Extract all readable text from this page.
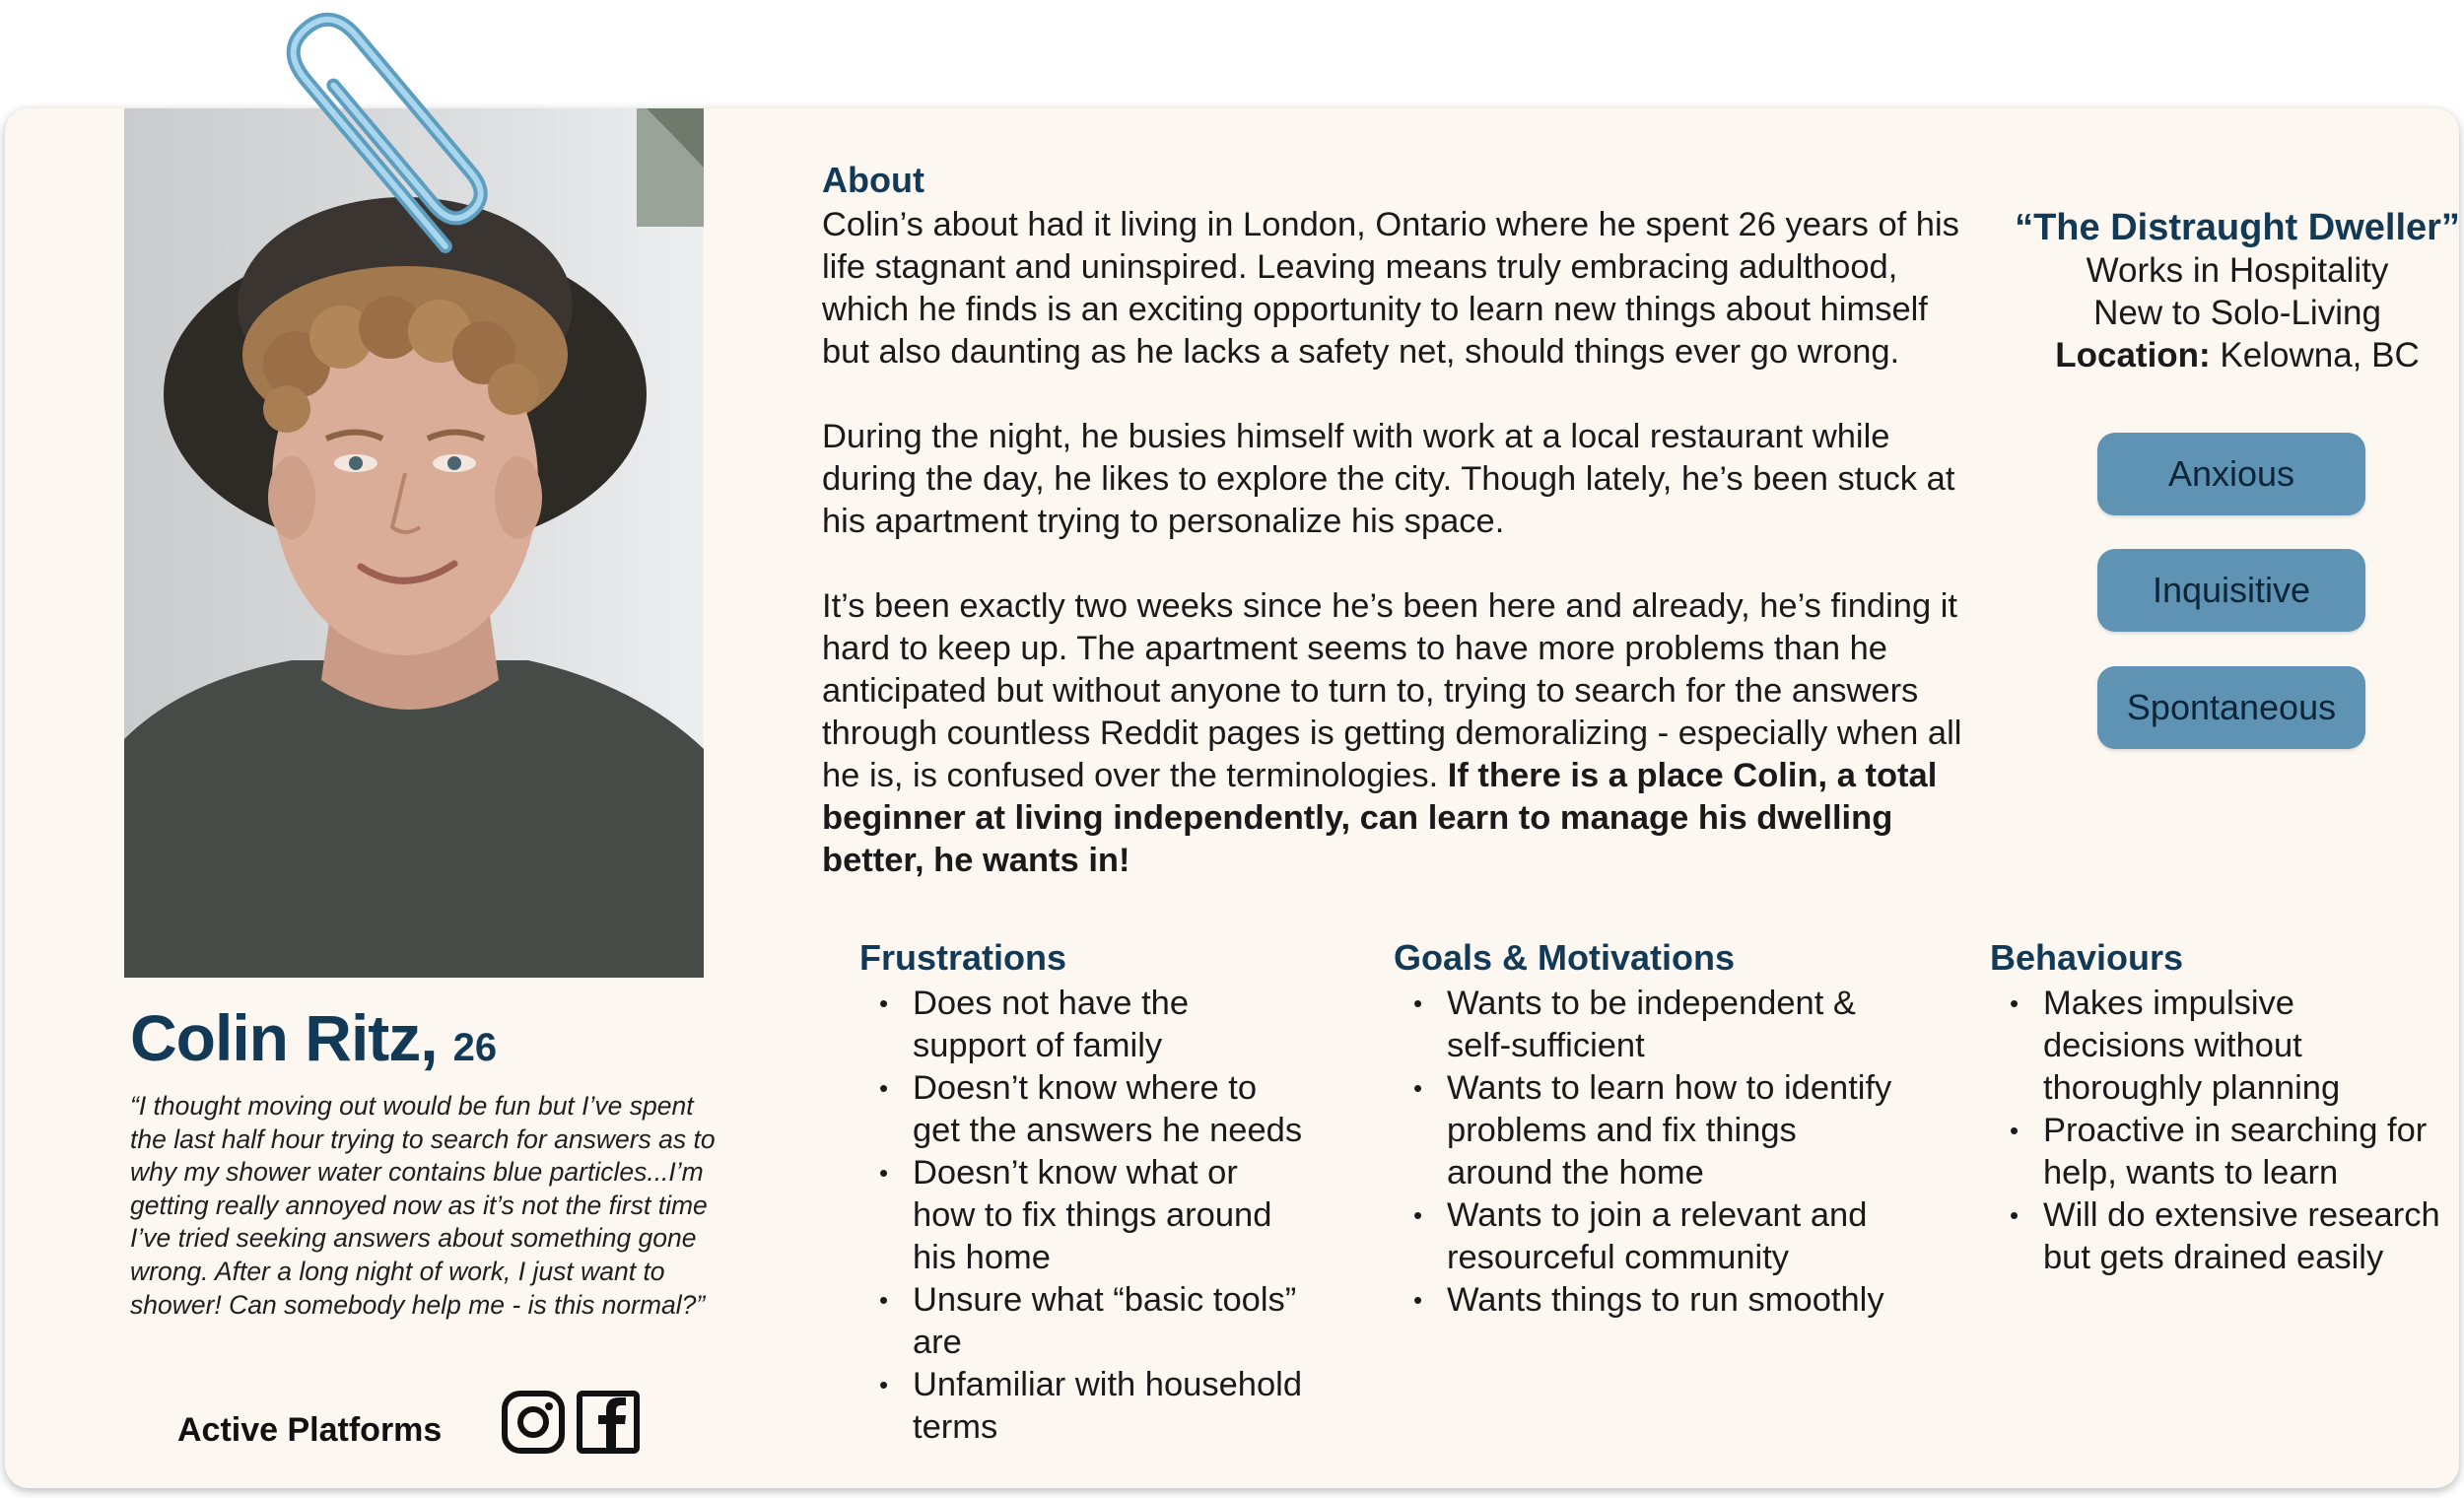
Colin Ritz, 26

“I thought moving out would be fun but I’ve spent the last half hour trying to search for answers as to why my shower water contains blue particles...I’m getting really annoyed now as it’s not the first time I’ve tried seeking answers about something gone wrong. After a long night of work, I just want to shower! Can somebody help me - is this normal?”

Active Platforms
About

Colin’s about had it living in London, Ontario where he spent 26 years of his life stagnant and uninspired. Leaving means truly embracing adulthood, which he finds is an exciting opportunity to learn new things about himself but also daunting as he lacks a safety net, should things ever go wrong.

During the night, he busies himself with work at a local restaurant while during the day, he likes to explore the city. Though lately, he’s been stuck at his apartment trying to personalize his space.

It’s been exactly two weeks since he’s been here and already, he’s finding it hard to keep up. The apartment seems to have more problems than he anticipated but without anyone to turn to, trying to search for the answers through countless Reddit pages is getting demoralizing - especially when all he is, is confused over the terminologies. If there is a place Colin, a total beginner at living independently, can learn to manage his dwelling better, he wants in!

“The Distraught Dweller”
Works in Hospitality
New to Solo-Living
Location: Kelowna, BC
Anxious
Inquisitive
Spontaneous
Frustrations
• Does not have the support of family
• Doesn’t know where to get the answers he needs
• Doesn’t know what or how to fix things around his home
• Unsure what “basic tools” are
• Unfamiliar with household terms
Goals & Motivations
• Wants to be independent & self-sufficient
• Wants to learn how to identify problems and fix things around the home
• Wants to join a relevant and resourceful community
• Wants things to run smoothly
Behaviours
• Makes impulsive decisions without thoroughly planning
• Proactive in searching for help, wants to learn
• Will do extensive research but gets drained easily
